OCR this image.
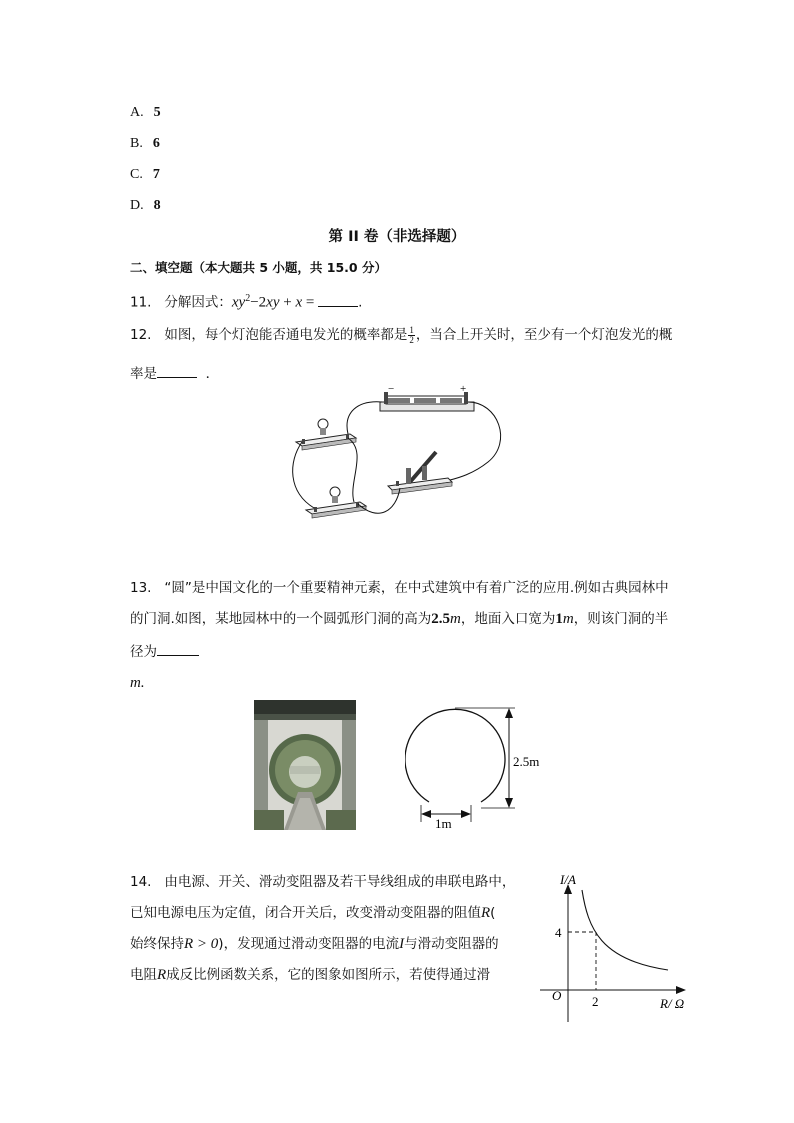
A. 5
B. 6
C. 7
D. 8
第 II 卷（非选择题）
二、填空题（本大题共 5 小题，共 15.0 分）
11. 分解因式：$xy^2-2xy + x$ =	.
12. 如图，每个灯泡能否通电发光的概率都是 $\frac{1}{2}$ ，当合上开关时，至少有一个灯泡发光的概
率是	．
−	+
13. “圆”是中国文化的一个重要精神元素，在中式建筑中有着广泛的应用.例如古典园林中
的门洞.如图，某地园林中的一个圆弧形门洞的高为2.5m，地面入口宽为1m，则该门洞的半
径为
m.
2.5m
1m
14. 由电源、开关、滑动变阻器及若干导线组成的串联电路中，
已知电源电压为定值，闭合开关后，改变滑动变阻器的阻值R(
始终保持R > 0)，发现通过滑动变阻器的电流I与滑动变阻器的
电阻R成反比例函数关系，它的图象如图所示，若使得通过滑
I/A
R/ Ω
O
4
2
